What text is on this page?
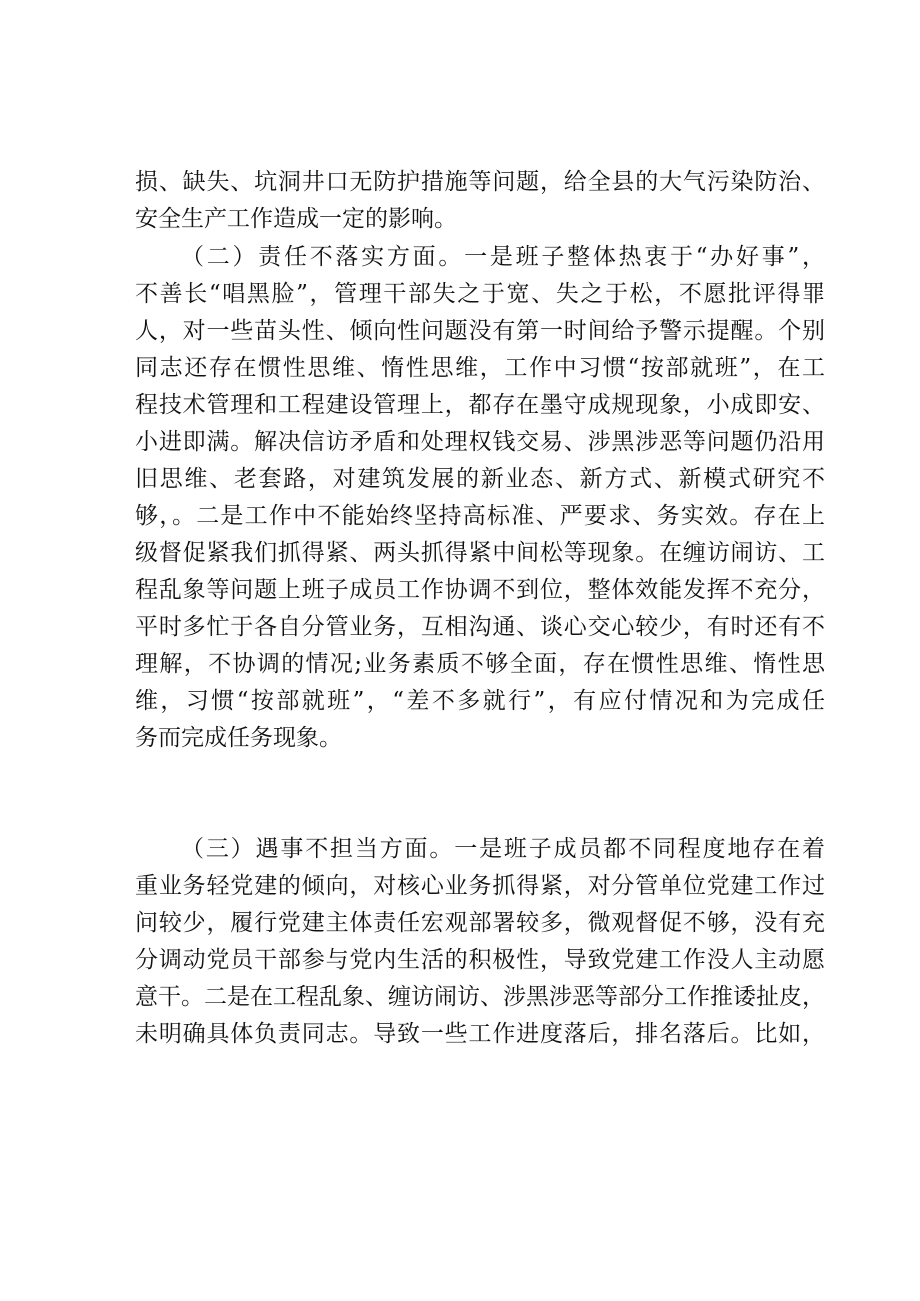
损、缺失、坑洞井口无防护措施等问题，给全县的大气污染防治、
安全生产工作造成一定的影响。
（二）责任不落实方面。一是班子整体热衷于“办好事”，
不善长“唱黑脸”，管理干部失之于宽、失之于松，不愿批评得罪
人，对一些苗头性、倾向性问题没有第一时间给予警示提醒。个别
同志还存在惯性思维、惰性思维，工作中习惯“按部就班”，在工
程技术管理和工程建设管理上，都存在墨守成规现象，小成即安、
小进即满。解决信访矛盾和处理权钱交易、涉黑涉恶等问题仍沿用
旧思维、老套路，对建筑发展的新业态、新方式、新模式研究不
够，。二是工作中不能始终坚持高标准、严要求、务实效。存在上
级督促紧我们抓得紧、两头抓得紧中间松等现象。在缠访闹访、工
程乱象等问题上班子成员工作协调不到位，整体效能发挥不充分，
平时多忙于各自分管业务，互相沟通、谈心交心较少，有时还有不
理解，不协调的情况;业务素质不够全面，存在惯性思维、惰性思
维，习惯“按部就班”，“差不多就行”，有应付情况和为完成任
务而完成任务现象。
（三）遇事不担当方面。一是班子成员都不同程度地存在着
重业务轻党建的倾向，对核心业务抓得紧，对分管单位党建工作过
问较少，履行党建主体责任宏观部署较多，微观督促不够，没有充
分调动党员干部参与党内生活的积极性，导致党建工作没人主动愿
意干。二是在工程乱象、缠访闹访、涉黑涉恶等部分工作推诿扯皮，
未明确具体负责同志。导致一些工作进度落后，排名落后。比如，
